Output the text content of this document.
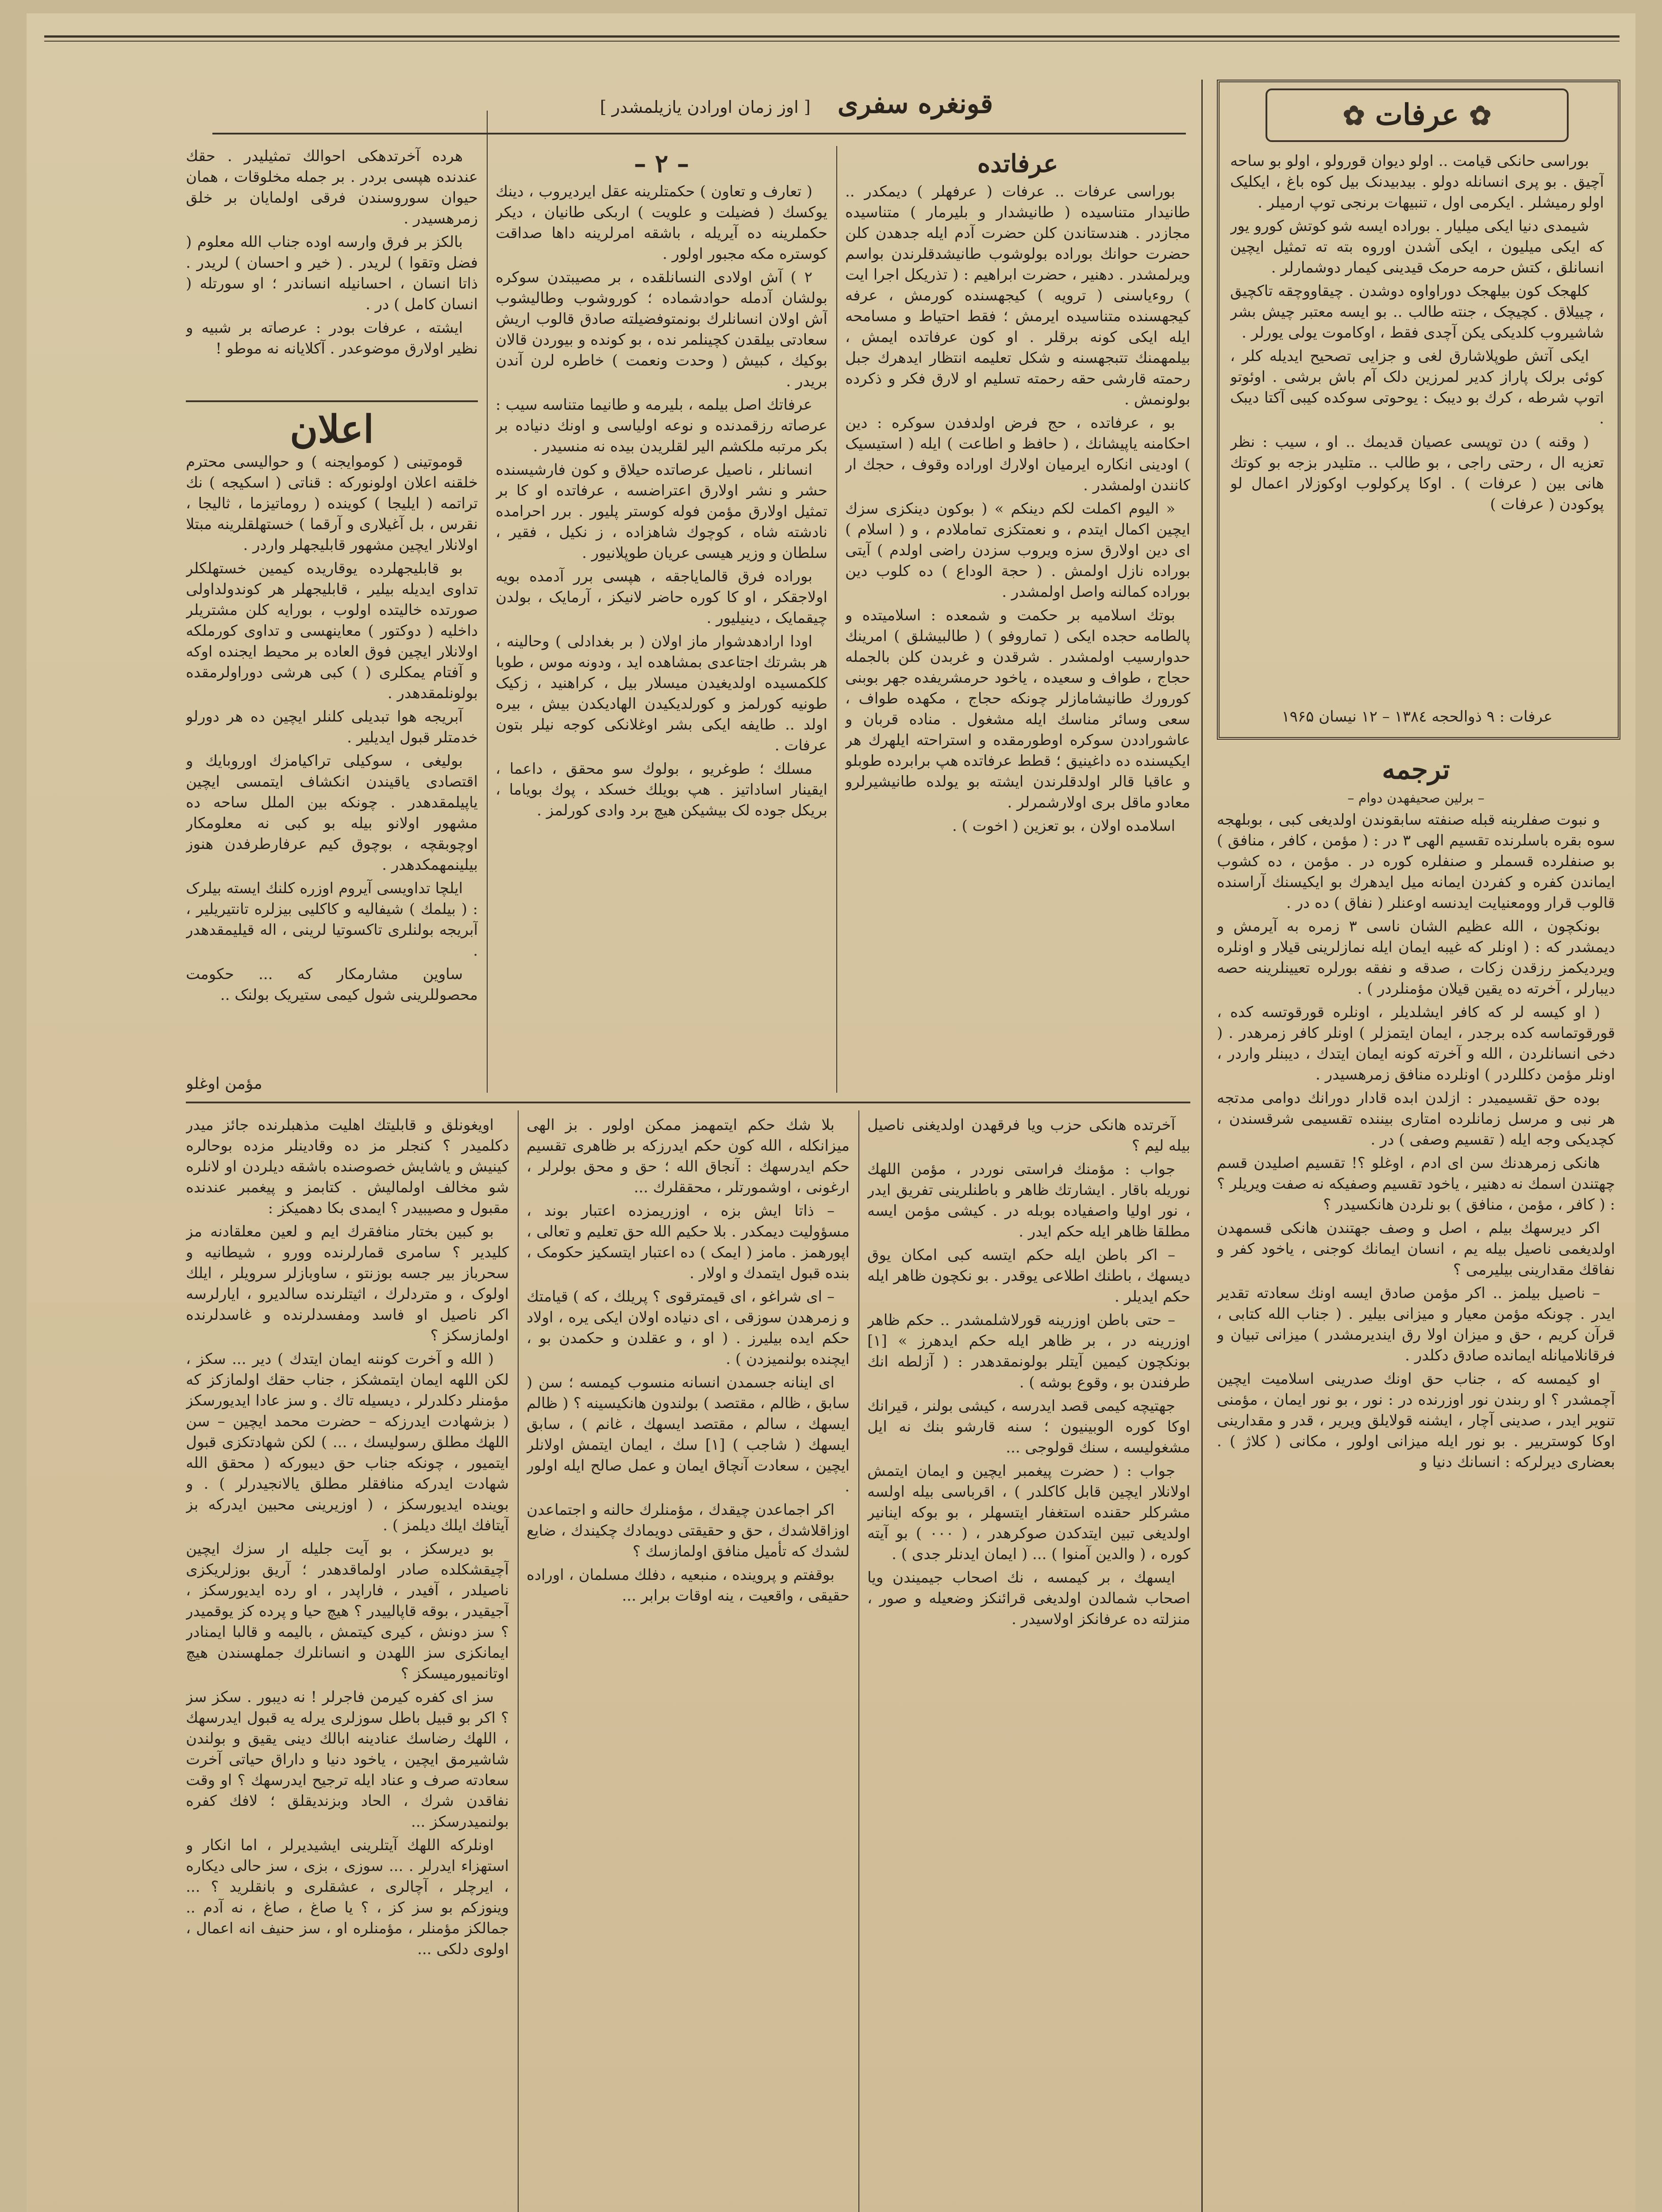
✿ عرفات ✿

بوراسی حانکی قیامت .. اولو دیوان قورولو ، اولو بو ساحه آچیق . بو پری انسانله دولو . بیدبیدنک بیل کوه باغ ، ایکلیک اولو رمیشلر . ایکرمی اول ، تنبیهات برنجی توپ ارمیلر .

شیمدی دنیا ایکی میلیار . بوراده ایسه شو کوتش کورو یور که ایکی میلیون ، ایکی آشدن اوروه بته ته تمثیل ایچین انسانلق ، کتش حرمه حرمک قیدینی کیمار دوشمارلر .

کلهجک کون بیلهجک دوراواوه دوشدن . چیقاووچقه تاکچیق ، چییلاق . کچیچک ، جنته طالب .. بو ایسه معتبر چیش بشر شاشیروب کلدیکی یکن آچدی فقط ، اوکاموت یولی یورلر .

ایکی آتش طوپلاشارق لغی و جزایی تصحیح ایدیله کلر ، کوئی برلک پاراز کدیر لمرزین دلک آم باش برشی . اوئوتو اتوپ شرطه ، کرك بو دیبک : یوحوتی سوکده کیبی آکتا دیبک .

( وقنه ) دن توپسی عصیان قدیمك .. او ، سیب : نظر تعزیه ال ، رحتی راجی ، بو طالب .. متلیدر بزجه بو کوتك هانی بین ( عرفات ) . اوکا پرکولوب اوکوزلار اعمال لو پوکودن ( عرفات )

عرفات : ۹ ذوالحجه ۱۳۸٤ – ۱۲ نیسان ۱۹۶۵
ترجمه
– برلین صحیفهدن دوام –

و نبوت صفلرینه قبله صنفته سابقوندن اولدیغی کبی ، بوبلهجه سوه بقره باسلرنده تقسیم الهی ۳ در : ( مؤمن ، کافر ، منافق ) بو صنفلرده قسملر و صنفلره کوره در . مؤمن ، ده کشوب ایماندن کفره و کفردن ایمانه میل ایدهرك بو ایکیسنك آراسنده قالوب قرار وومعنیایت ایدنسه اوعنلر ( نفاق ) ده در .

بونکچون ، الله عظیم الشان ناسی ۳ زمره به آیرمش و دیمشدر که : ( اونلر که غیبه ایمان ایله نمازلرینی قیلار و اونلره ویردیکمز رزقدن زکات ، صدقه و نفقه بورلره تعیینلرینه حصه دیبارلر ، آخرته ده یقین قیلان مؤمنلردر ) .

( او کیسه لر که کافر ایشلدیلر ، اونلره قورقوتسه کده ، قورقوتماسه کده برجدر ، ایمان ایتمزلر ) اونلر کافر زمرهدر . ( دخی انسانلردن ، الله و آخرته کونه ایمان ایتدك ، دیبنلر واردر ، اونلر مؤمن دکللردر ) اونلرده منافق زمرهسیدر .

بوده حق تقسیمیدر : ازلدن ابده قادار دورانك دوامی مدتجه هر نبی و مرسل زمانلرده امتاری بیننده تقسیمی شرقسندن ، کچدیکی وجه ایله ( تقسیم وصفی ) در .

هانکی زمرهدنك سن ای ادم ، اوغلو ؟! تقسیم اصلیدن قسم چهتندن اسمك نه دهنیر ، یاخود تقسیم وصفیکه نه صفت ویریلر ؟ : ( کافر ، مؤمن ، منافق ) بو نلردن هانکسیدر ؟

اکر دیرسهك بیلم ، اصل و وصف جهتندن هانکی قسمهدن اولدیغمی ناصیل بیله یم ، انسان ایمانك کوجنی ، یاخود کفر و نفاقك مقدارینی بیلیرمی ؟

– ناصیل بیلمز .. اکر مؤمن صادق ایسه اونك سعادته تقدیر ایدر . چونکه مؤمن معیار و میزانی بیلیر . ( جناب الله کتابی ، قرآن کریم ، حق و میزان اولا رق ایندیرمشدر ) میزانی تبیان و فرقانلامیانله ایمانده صادق دکلدر .

او کیمسه که ، جناب حق اونك صدرینی اسلامیت ایچین آچمشدر ؟ او ربندن نور اوزرنده در : نور ، بو نور ایمان ، مؤمنی تنویر ایدر ، صدینی آچار ، ایشنه قولایلق ویریر ، قدر و مقدارینی اوکا کوسترییر . بو نور ایله میزانی اولور ، مکانی ( کلاژ ) . بعضاری دیرلرکه : انسانك دنیا و

قونغره سفری    [ اوز زمان اورادن یازیلمشدر ]
عرفاتده

بوراسی عرفات .. عرفات ( عرفهلر ) دیمکدر .. طانیدار متناسیده ( طانیشدار و بلیرمار ) متناسیده مجازدر . هندستاندن کلن حضرت آدم ایله جدهدن کلن حضرت حوانك بوراده بولوشوب طانیشدقلرندن بواسم ویرلمشدر . دهنیر ، حضرت ابراهیم : ( تذریکل اجرا ایت ) روءیاسنی ( ترویه ) کیجهسنده کورمش ، عرفه کیجهسنده متناسیده ایرمش ؛ فقط احتیاط و مسامحه ایله ایکی کونه برقلر . او کون عرفاتده ایمش ، بیلمهمنك تتبجهسنه و شکل تعلیمه انتظار ایدهرك جبل رحمته قارشی حقه رحمته تسلیم او لارق فکر و ذکرده بولونمش .

بو ، عرفاتده ، حج فرض اولدفدن سوکره : دین احکامنه یاپیشانك ، ( حافظ و اطاعت ) ایله ( استیسیک ) اودینی انکاره ایرمیان اولارك اوراده وقوف ، حجك ار کانندن اولمشدر .

« الیوم اکملت لکم دینکم » ( بوکون دینکزی سزك ایچین اکمال ایتدم ، و نعمتکزی تماملادم ، و ( اسلام ) ای دین اولارق سزه ویروب سزدن راضی اولدم ) آیتی بوراده نازل اولمش . ( حجة الوداع ) ده کلوب دین بوراده کمالنه واصل اولمشدر .

بوتك اسلامیه بر حکمت و شمعده : اسلامیتده و پالطامه حجده ایکی ( تماروفو ) ( طالبیشلق ) امرینك حدوارسیب اولمشدر . شرقدن و غربدن کلن بالجمله حجاج ، طواف و سعیده ، یاخود حرمشریفده جهر بوبنی کورورك طانیشامازلر چونکه حجاج ، مکهده طواف ، سعی وسائر مناسك ایله مشغول . مناده قربان و عاشوراددن سوکره اوطورمقده و استراحته ایلهرك هر ایکیسنده ده داغینیق ؛ قطط عرفاتده هپ برابرده طوبلو و عاقبا قالر اولدقلرندن ایشته بو یولده طانیشیرلرو معادو ماقل بری اولارشمرلر .

اسلامده اولان ، بو تعزین ( اخوت ) .

– ۲ –

( تعارف و تعاون ) حکمتلرینه عقل ایردیروب ، دینك یوکسك ( فضیلت و علویت ) اربکی طانیان ، دیکر حکملرینه ده آیریله ، باشقه امرلرینه داها صداقت کوستره مکه مجبور اولور .

۲ ) آش اولادی النسانلقده ، بر مصیبتدن سوکره بولشان آدمله حوادشماده ؛ کوروشوب وطالیشوب آش اولان انسانلرك بونمتوفضیلته صادق قالوب اریش سعادتی بیلقدن کچینلمر نده ، بو کونده و بیوردن قالان بوکیك ، کبیش ( وحدت ونعمت ) خاطره لرن آندن بریدر .

عرفاتك اصل بیلمه ، بلیرمه و طانیما متناسه سیب : عرصاته رزقمدنده و نوعه اولیاسی و اونك دنیاده بر بکر مرتبه ملکشم الیر لقلریدن بیده نه منسیدر .

انسانلر ، ناصیل عرصاتده حیلاق و کون فارشیسنده حشر و نشر اولارق اعتراضسه ، عرفاتده او کا بر تمثیل اولارق مؤمن فوله کوستر پلیور . برر احرامده نادشته شاه ، کوچوك شاهزاده ، ز نکیل ، فقیر ، سلطان و وزیر هیسی عریان طوپلانیور .

بوراده فرق قالمایاجقه ، هپسی برر آدمده بویه اولاجقکر ، او کا کوره حاضر لانیکز ، آرمایک ، بولدن چیقمایک ، دینیلیور .

اودا ارادهدشوار ماز اولان ( بر بغدادلی ) وحالینه ، هر بشرتك اجتاعدی بمشاهده اید ، ودونه موس ، طوبا کلکمسیده اولدیغیدن میسلار بیل ، کراهنید ، زکیک طونیه کورلمز و کورلدیکیدن الهادیکدن بیش ، بیره اولد .. طایفه ایکی بشر اوغلانکی کوجه نیلر بتون عرفات .

مسلك ؛ طوغریو ، بولوك سو محقق ، داعما ، ایقینار اساداتیز . هپ بویلك خسکد ، پوك بویاما ، بریکل جوده لک بیشیکن هیچ برد وادی کورلمز .

هرده آخرتدهکی احوالك تمثیلیدر . حقك عندنده هپسی بردر . بر جمله مخلوقات ، همان حیوان سوروسندن فرقی اولمایان بر خلق زمرهسیدر .

بالکز بر فرق وارسه اوده جناب الله معلوم ( فضل وتقوا ) لریدر . ( خیر و احسان ) لریدر . ذاتا انسان ، احسانیله انساندر ؛ او سورتله ( انسان کامل ) در .

ایشته ، عرفات بودر : عرصاته بر شبیه و نظیر اولارق موضوعدر . آکلایانه نه موطو !

اعلان

قوموتینی ( کوموایجنه ) و حوالیسی محترم خلقنه اعلان اولونورکه : قناتی ( اسکیجه ) نك تراتمه ( ایلیجا ) کوینده ( روماتیزما ، ثالیجا ، نقرس ، بل آغیلاری و آرقما ) خستهلقلرینه مبتلا اولانلار ایچین مشهور قابلیجهلر واردر .

بو قابلیجهلرده یوقاریده کیمین خستهلکلر تداوی ایدیله بیلیر ، قابلیجهلر هر کوندولداولی صورتده خالیتده اولوب ، بورایه کلن مشتریلر داخلیه ( دوکتور ) معاینهسی و تداوی کورملکه اولانلار ایچین فوق العاده بر محیط ایجنده اوکه و آفتام یمکلری ( ) کبی هرشی دوراولرمقده بولونلمقدهدر .

آبریجه هوا تبدیلی کلنلر ایچین ده هر دورلو خدمتلر قبول ایدیلیر .

بوليغى ، سوكيلى تراكيامزك اوروبايك و اقتصادی یاقیندن انکشاف ایتمسی ایچین یاپیلمقدهدر . چونکه بین الملل ساحه ده مشهور اولانو بیله بو کبی نه معلومکار اوچوبقچه ، بوچوق کیم عرفارطرفدن هنوز بیلینمهمکدهدر .

ایلچا تداویسی آیروم اوزره کلنك ایسته بیلرک : ( بیلمك ) شیفالیه و کاکلیی بیزلره تانتیریلیر ، آبریجه بولنلری تاکسوتیا لرینی ، اله قیلیمقدهدر .

ساوین مشارمکار که ... حکومت محصوللرینی شول کیمی ستیریک بولنک ..

مؤمن اوغلو

آخرتده هانکی حزب ویا فرقهدن اولدیغنی ناصیل بیله لیم ؟

جواب : مؤمنك فراستی نوردر ، مؤمن اللهك نوریله باقار . ایشارتك ظاهر و باطنلرینی تفریق ایدر ، نور اولیا واصفیاده بوبله در . کیشی مؤمن ایسه مطلقا ظاهر ایله حکم ایدر .

– اکر باطن ایله حکم ایتسه کبی امکان یوق دیسهك ، باطنك اطلاعی یوقدر . بو نکچون ظاهر ایله حکم ایدیلر .

– حتی باطن اوزرینه قورلاشلمشدر .. حکم ظاهر اوزرینه در ، بر ظاهر ایله حکم ایدهرز » [۱] بونکچون کیمین آیتلر بولونمقدهدر : ( آزلطه انك طرفندن بو ، وقوع بوشه ) .

جهتیچه کیمی قصد ایدرسه ، کیشی بولنر ، قیرانك اوکا کوره الوبینیون ؛ سنه قارشو بنك نه ایل مشغولیسه ، سنك قولوجی ...

جواب : ( حضرت پیغمبر ایچین و ایمان ایتمش اولانلار ایچین قابل کاکلدر ) ، اقرباسی بیله اولسه مشرکلر حقنده استغفار ایتسهلر ، بو بوکه اینانیر اولدیغی تبین ایتدکدن صوکرهدر ، ( ۰۰۰ ) بو آیته کوره ، ( والدین آمنوا ) ... ( ایمان ایدنلر جدی ) .

ایسهك ، بر کیمسه ، نك اصحاب جیمیندن ویا اصحاب شمالدن اولدیغی قرائنکز وضعیله و صور ، منزلته ده عرفانکز اولاسیدر .

بلا شك حکم ایتمهمز ممکن اولور . بز الهی میزانکله ، الله کون حکم ایدرزکه بر ظاهری تقسیم حکم ایدرسهك : آنجاق الله ؛ حق و محق بولرلر ، ارغونی ، اوشمورتلر ، محققلرك ...

– ذاتا ایش بزه ، اوزریمزده اعتبار بوند ، مسؤولیت دیمکدر . بلا حکیم الله حق تعلیم و تعالی ، اپورهمز . مامز ( ایمک ) ده اعتبار ایتسكیز حکومک ، بنده قبول ایتمدك و اولار .

– ای شراغو ، ای قیمترقوی ؟ پریلك ، که ) قیامتك و زمرهدن سوزقی ، ای دنیاده اولان ایکی یره ، اولاد حکم ایده بیلیرز . ( او ، و عقلدن و حکمدن بو ، ایچنده بولنمیزدن ) .

ای اینانه جسمدن انسانه منسوب کیمسه ؛ سن ( سابق ، ظالم ، مقتصد ) بولندون هانکیسینه ؟ ( ظالم ایسهك ، سالم ، مقتصد ایسهك ، غانم ) ، سابق ایسهك ( شاجب ) [۱] سك ، ایمان ایتمش اولانلر ایچین ، سعادت آنچاق ایمان و عمل صالح ایله اولور .

اکر اجماعدن چیقدك ، مؤمنلرك حالنه و اجتماعدن اوزاقلاشدك ، حق و حقیقتی دویمادك چکیندك ، ضایع لشدك که تأمیل منافق اولمازسك ؟

بوقفتم و پروینده ، منبعیه ، دفلك مسلمان ، اوراده حقیقی ، واقعیت ، ینه اوقات برابر ...

اویغونلق و قابلیتك اهلیت مذهبلرنده جائز میدر دکلمیدر ؟ کنجلر مز ده وقادینلر مزده بوحالره کینیش و یاشایش خصوصنده باشقه دیلردن او لانلره شو مخالف اولمالیش . کتابمز و پیغمبر عندنده مقبول و مصیبیدر ؟ ایمدی بکا دهمیکز :

بو کبین بختار منافقرك ایم و لعین معلقادنه مز کلیدیر ؟ سامری قمارلرنده وورو ، شیطانیه و سحرباز بیر جسه بوزنتو ، ساوبازلر سرویلر ، ایلك اولوک ، و متردلرك ، اثیتلرنده سالدیرو ، ایارلرسه اکر ناصیل او فاسد ومفسدلرنده و غاسدلرنده اولمازسکز ؟

( الله و آخرت کوننه ایمان ایتدك ) دیر ... سکز ، لکن اللهه ایمان ایتمشکز ، جناب حقك اولمازکز که مؤمنلر دکلدرلر ، دیسیله تاك . و سز عادا ایدیورسکز ( بزشهادت ایدرزکه – حضرت محمد ایچین – سن اللهك مطلق رسولیسك ، ... ) لکن شهادتکزی قبول ایتمیور ، چونکه جناب حق دیبورکه ( محقق الله شهادت ایدرکه منافقلر مطلق یالانجیدرلر ) . و بوینده ایدیورسکز ، ( اوزیرینی محبین ایدرکه بز آیتافك ایلك دیلمز ) .

بو دیرسکز ، بو آیت جلیله ار سزك ایچین آچیقشکلده صادر اولماقدهدر ؛ آریق بوزلریکزی ناصیلدر ، آفیدر ، فاراپدر ، او رده ایدیورسکز ، آجیقیدر ، بوقه قاپالییدر ؟ هیچ حیا و پرده کز یوقمیدر ؟ سز دونش ، کیری کیتمش ، بالیمه و قالبا ایمنادر ایمانکزی سز اللهدن و انسانلرك جملهسندن هیچ اوتانمیورمیسکز ؟

سز ای کفره کیرمن فاجرلر ! نه دیبور . سکز سز ؟ اکر بو قبیل باطل سوزلری یرله یه قبول ایدرسهك ، اللهك رضاسك عنادینه ابالك دینی یقیق و بولندن شاشیرمق ایچین ، یاخود دنیا و داراق حیاتی آخرت سعادته صرف و عناد ایله ترجیح ایدرسهك ؟ او وقت نفاقدن شرك ، الحاد وبزندیقلق ؛ لافك کفره بولنمیدرسکز ...

اونلرکه اللهك آیتلرینی ایشیدیرلر ، اما انکار و استهزاء ایدرلر . ... سوزی ، بزی ، سز حالی دیکاره ، ایرچلر ، آچالری ، عشقلری و بانقلرید ؟ ... وینوزکم بو سز کز ، ؟ یا صاغ ، صاغ ، نه آدم .. جمالکز مؤمنلر ، مؤمنلره او ، سز حنیف انه اعمال ، اولوی دلکی ...
